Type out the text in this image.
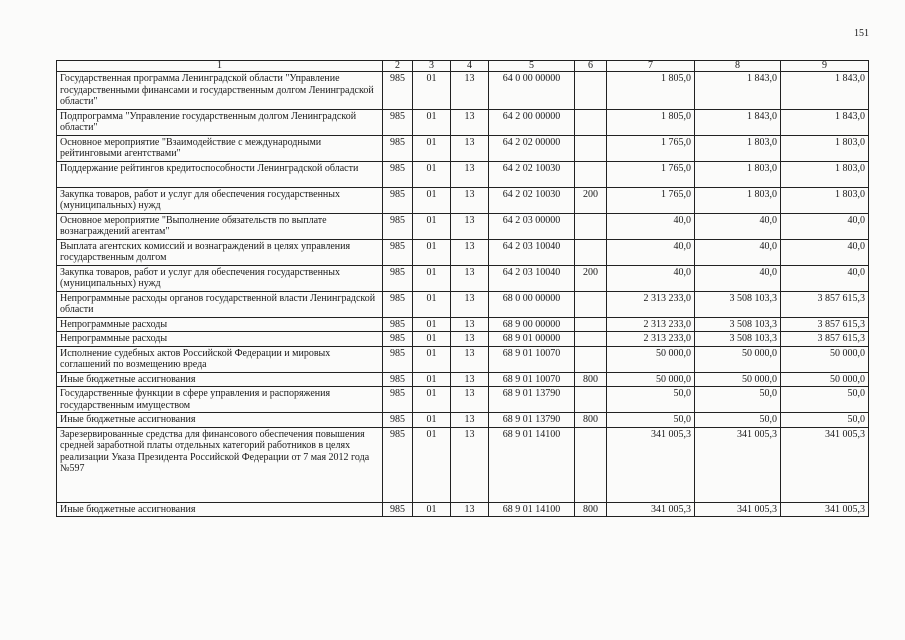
151
1	2	3	4	5	6	7	8	9
Государственная программа Ленинградской области "Управление государственными финансами и государственным долгом Ленинградской области"	985	01	13	64 0 00 00000		1 805,0	1 843,0	1 843,0
Подпрограмма "Управление государственным долгом Ленинградской области"	985	01	13	64 2 00 00000		1 805,0	1 843,0	1 843,0
Основное мероприятие "Взаимодействие с международными рейтинговыми агентствами"	985	01	13	64 2 02 00000		1 765,0	1 803,0	1 803,0
Поддержание рейтингов кредитоспособности Ленинградской области	985	01	13	64 2 02 10030		1 765,0	1 803,0	1 803,0
Закупка товаров, работ и услуг для обеспечения государственных (муниципальных) нужд	985	01	13	64 2 02 10030	200	1 765,0	1 803,0	1 803,0
Основное мероприятие "Выполнение обязательств по выплате вознаграждений агентам"	985	01	13	64 2 03 00000		40,0	40,0	40,0
Выплата агентских комиссий и вознаграждений в целях управления государственным долгом	985	01	13	64 2 03 10040		40,0	40,0	40,0
Закупка товаров, работ и услуг для обеспечения государственных (муниципальных) нужд	985	01	13	64 2 03 10040	200	40,0	40,0	40,0
Непрограммные расходы органов государственной власти Ленинградской области	985	01	13	68 0 00 00000		2 313 233,0	3 508 103,3	3 857 615,3
Непрограммные расходы	985	01	13	68 9 00 00000		2 313 233,0	3 508 103,3	3 857 615,3
Непрограммные расходы	985	01	13	68 9 01 00000		2 313 233,0	3 508 103,3	3 857 615,3
Исполнение судебных актов Российской Федерации и мировых соглашений по возмещению вреда	985	01	13	68 9 01 10070		50 000,0	50 000,0	50 000,0
Иные бюджетные ассигнования	985	01	13	68 9 01 10070	800	50 000,0	50 000,0	50 000,0
Государственные функции в сфере управления и распоряжения государственным имуществом	985	01	13	68 9 01 13790		50,0	50,0	50,0
Иные бюджетные ассигнования	985	01	13	68 9 01 13790	800	50,0	50,0	50,0
Зарезервированные средства для финансового обеспечения повышения средней заработной платы отдельных категорий работников в целях реализации Указа Президента Российской Федерации от 7 мая 2012 года №597	985	01	13	68 9 01 14100		341 005,3	341 005,3	341 005,3
Иные бюджетные ассигнования	985	01	13	68 9 01 14100	800	341 005,3	341 005,3	341 005,3
